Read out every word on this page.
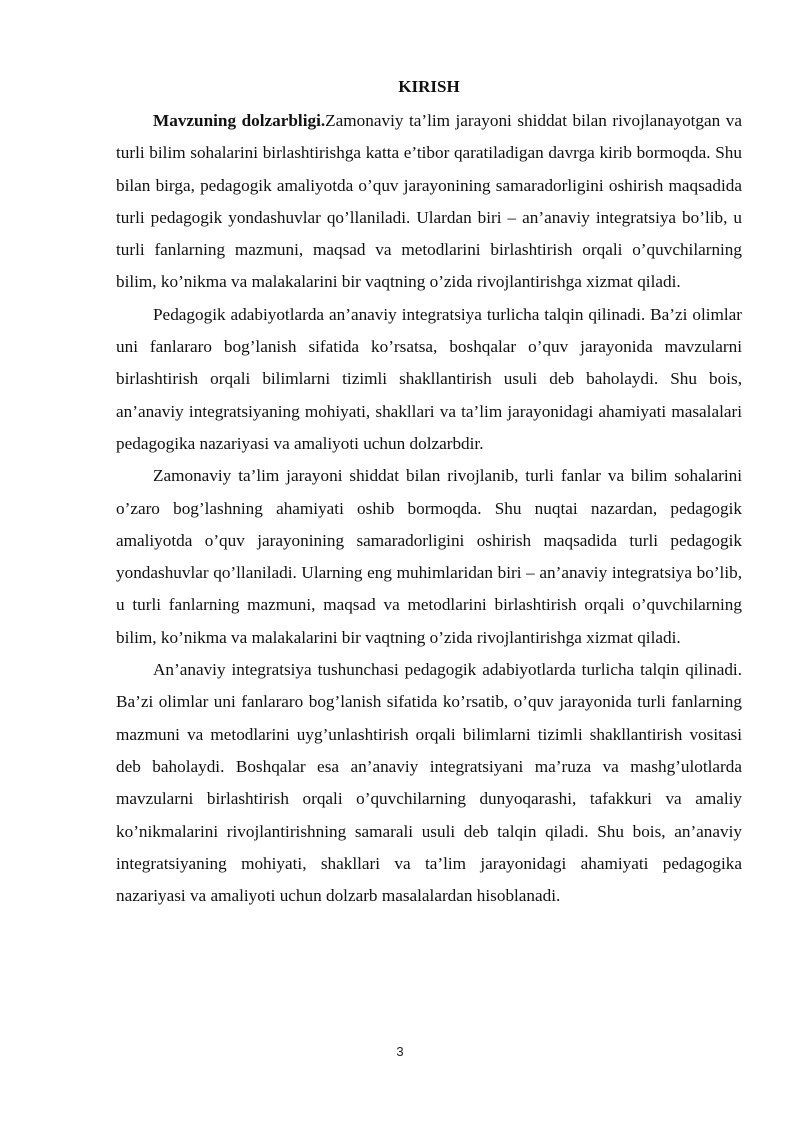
KIRISH

Mavzuning dolzarbligi.Zamonaviy ta’lim jarayoni shiddat bilan rivojlanayotgan va turli bilim sohalarini birlashtirishga katta e’tibor qaratiladigan davrga kirib bormoqda. Shu bilan birga, pedagogik amaliyotda o’quv jarayonining samaradorligini oshirish maqsadida turli pedagogik yondashuvlar qo’llaniladi. Ulardan biri – an’anaviy integratsiya bo’lib, u turli fanlarning mazmuni, maqsad va metodlarini birlashtirish orqali o’quvchilarning bilim, ko’nikma va malakalarini bir vaqtning o’zida rivojlantirishga xizmat qiladi.

Pedagogik adabiyotlarda an’anaviy integratsiya turlicha talqin qilinadi. Ba’zi olimlar uni fanlararo bog’lanish sifatida ko’rsatsa, boshqalar o’quv jarayonida mavzularni birlashtirish orqali bilimlarni tizimli shakllantirish usuli deb baholaydi. Shu bois, an’anaviy integratsiyaning mohiyati, shakllari va ta’lim jarayonidagi ahamiyati masalalari pedagogika nazariyasi va amaliyoti uchun dolzarbdir.

Zamonaviy ta’lim jarayoni shiddat bilan rivojlanib, turli fanlar va bilim sohalarini o’zaro bog’lashning ahamiyati oshib bormoqda. Shu nuqtai nazardan, pedagogik amaliyotda o’quv jarayonining samaradorligini oshirish maqsadida turli pedagogik yondashuvlar qo’llaniladi. Ularning eng muhimlaridan biri – an’anaviy integratsiya bo’lib, u turli fanlarning mazmuni, maqsad va metodlarini birlashtirish orqali o’quvchilarning bilim, ko’nikma va malakalarini bir vaqtning o’zida rivojlantirishga xizmat qiladi.

An’anaviy integratsiya tushunchasi pedagogik adabiyotlarda turlicha talqin qilinadi. Ba’zi olimlar uni fanlararo bog’lanish sifatida ko’rsatib, o’quv jarayonida turli fanlarning mazmuni va metodlarini uyg’unlashtirish orqali bilimlarni tizimli shakllantirish vositasi deb baholaydi. Boshqalar esa an’anaviy integratsiyani ma’ruza va mashg’ulotlarda mavzularni birlashtirish orqali o’quvchilarning dunyoqarashi, tafakkuri va amaliy ko’nikmalarini rivojlantirishning samarali usuli deb talqin qiladi. Shu bois, an’anaviy integratsiyaning mohiyati, shakllari va ta’lim jarayonidagi ahamiyati pedagogika nazariyasi va amaliyoti uchun dolzarb masalalardan hisoblanadi.

3
